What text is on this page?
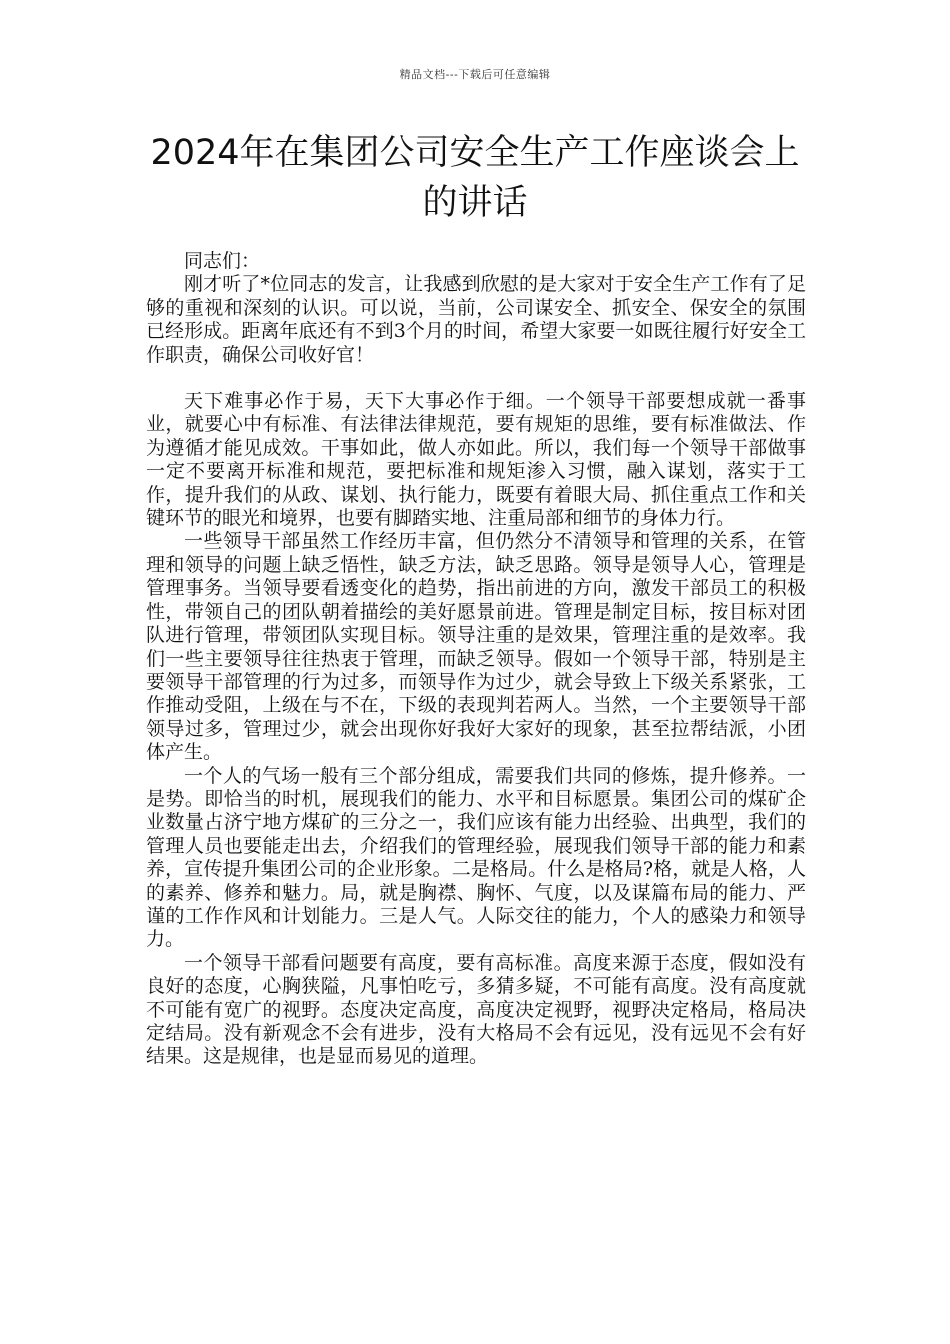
精品文档---下载后可任意编辑
2024年在集团公司安全生产工作座谈会上的讲话

同志们：

刚才听了*位同志的发言，让我感到欣慰的是大家对于安全生产工作有了足够的重视和深刻的认识。可以说，当前，公司谋安全、抓安全、保安全的氛围已经形成。距离年底还有不到3个月的时间，希望大家要一如既往履行好安全工作职责，确保公司收好官！

天下难事必作于易，天下大事必作于细。一个领导干部要想成就一番事业，就要心中有标准、有法律法律规范，要有规矩的思维，要有标准做法、作为遵循才能见成效。干事如此，做人亦如此。所以，我们每一个领导干部做事一定不要离开标准和规范，要把标准和规矩渗入习惯，融入谋划，落实于工作，提升我们的从政、谋划、执行能力，既要有着眼大局、抓住重点工作和关键环节的眼光和境界，也要有脚踏实地、注重局部和细节的身体力行。

一些领导干部虽然工作经历丰富，但仍然分不清领导和管理的关系，在管理和领导的问题上缺乏悟性，缺乏方法，缺乏思路。领导是领导人心，管理是管理事务。当领导要看透变化的趋势，指出前进的方向，激发干部员工的积极性，带领自己的团队朝着描绘的美好愿景前进。管理是制定目标，按目标对团队进行管理，带领团队实现目标。领导注重的是效果，管理注重的是效率。我们一些主要领导往往热衷于管理，而缺乏领导。假如一个领导干部，特别是主要领导干部管理的行为过多，而领导作为过少，就会导致上下级关系紧张，工作推动受阻，上级在与不在，下级的表现判若两人。当然，一个主要领导干部领导过多，管理过少，就会出现你好我好大家好的现象，甚至拉帮结派，小团体产生。

一个人的气场一般有三个部分组成，需要我们共同的修炼，提升修养。一是势。即恰当的时机，展现我们的能力、水平和目标愿景。集团公司的煤矿企业数量占济宁地方煤矿的三分之一，我们应该有能力出经验、出典型，我们的管理人员也要能走出去，介绍我们的管理经验，展现我们领导干部的能力和素养，宣传提升集团公司的企业形象。二是格局。什么是格局?格，就是人格，人的素养、修养和魅力。局，就是胸襟、胸怀、气度，以及谋篇布局的能力、严谨的工作作风和计划能力。三是人气。人际交往的能力，个人的感染力和领导力。

一个领导干部看问题要有高度，要有高标准。高度来源于态度，假如没有良好的态度，心胸狭隘，凡事怕吃亏，多猜多疑，不可能有高度。没有高度就不可能有宽广的视野。态度决定高度，高度决定视野，视野决定格局，格局决定结局。没有新观念不会有进步，没有大格局不会有远见，没有远见不会有好结果。这是规律，也是显而易见的道理。
